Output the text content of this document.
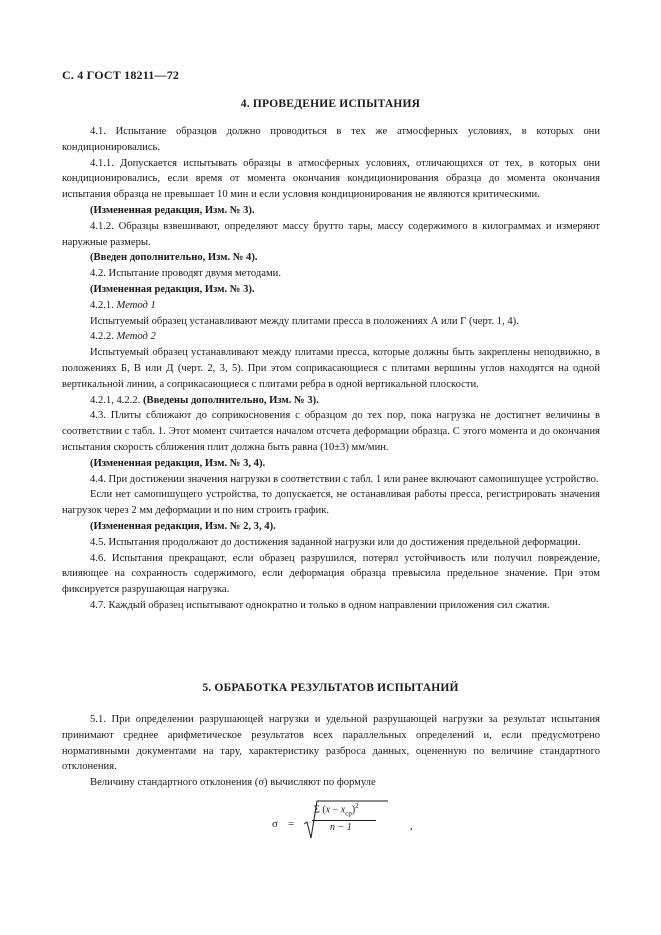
С. 4 ГОСТ 18211—72
4. ПРОВЕДЕНИЕ ИСПЫТАНИЯ

4.1. Испытание образцов должно проводиться в тех же атмосферных условиях, в которых они кондиционировались.

4.1.1. Допускается испытывать образцы в атмосферных условиях, отличающихся от тех, в которых они кондиционировались, если время от момента окончания кондиционирования образца до момента окончания испытания образца не превышает 10 мин и если условия кондиционирования не являются критическими.

(Измененная редакция, Изм. № 3).

4.1.2. Образцы взвешивают, определяют массу брутто тары, массу содержимого в килограммах и измеряют наружные размеры.

(Введен дополнительно, Изм. № 4).

4.2. Испытание проводят двумя методами.

(Измененная редакция, Изм. № 3).

4.2.1. Метод 1

Испытуемый образец устанавливают между плитами пресса в положениях А или Г (черт. 1, 4).

4.2.2. Метод 2

Испытуемый образец устанавливают между плитами пресса, которые должны быть закреплены неподвижно, в положениях Б, В или Д (черт. 2, 3, 5). При этом соприкасающиеся с плитами вершины углов находятся на одной вертикальной линии, а соприкасающиеся с плитами ребра в одной вертикальной плоскости.

4.2.1, 4.2.2. (Введены дополнительно, Изм. № 3).

4.3. Плиты сближают до соприкосновения с образцом до тех пор, пока нагрузка не достигнет величины в соответствии с табл. 1. Этот момент считается началом отсчета деформации образца. С этого момента и до окончания испытания скорость сближения плит должна быть равна (10±3) мм/мин.

(Измененная редакция, Изм. № 3, 4).

4.4. При достижении значения нагрузки в соответствии с табл. 1 или ранее включают самопишущее устройство.

Если нет самопишущего устройства, то допускается, не останавливая работы пресса, регистрировать значения нагрузок через 2 мм деформации и по ним строить график.

(Измененная редакция, Изм. № 2, 3, 4).

4.5. Испытания продолжают до достижения заданной нагрузки или до достижения предельной деформации.

4.6. Испытания прекращают, если образец разрушился, потерял устойчивость или получил повреждение, влияющее на сохранность содержимого, если деформация образца превысила предельное значение. При этом фиксируется разрушающая нагрузка.

4.7. Каждый образец испытывают однократно и только в одном направлении приложения сил сжатия.

5. ОБРАБОТКА РЕЗУЛЬТАТОВ ИСПЫТАНИЙ

5.1. При определении разрушающей нагрузки и удельной разрушающей нагрузки за результат испытания принимают среднее арифметическое результатов всех параллельных определений и, если предусмотрено нормативными документами на тару, характеристику разброса данных, оцененную по величине стандартного отклонения.

Величину стандартного отклонения (σ) вычисляют по формуле

σ =
Σ $(x - x_{ср})^2$
n − 1	,
